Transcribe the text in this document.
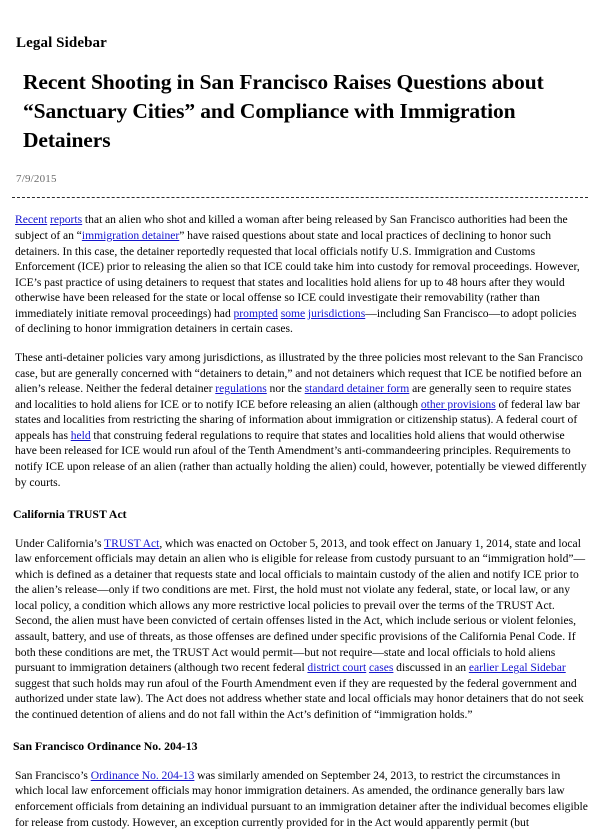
Legal Sidebar
Recent Shooting in San Francisco Raises Questions about “Sanctuary Cities” and Compliance with Immigration Detainers
7/9/2015

Recent reports that an alien who shot and killed a woman after being released by San Francisco authorities had been the subject of an “immigration detainer” have raised questions about state and local practices of declining to honor such detainers. In this case, the detainer reportedly requested that local officials notify U.S. Immigration and Customs Enforcement (ICE) prior to releasing the alien so that ICE could take him into custody for removal proceedings. However, ICE’s past practice of using detainers to request that states and localities hold aliens for up to 48 hours after they would otherwise have been released for the state or local offense so ICE could investigate their removability (rather than immediately initiate removal proceedings) had prompted some jurisdictions—including San Francisco—to adopt policies of declining to honor immigration detainers in certain cases.

These anti-detainer policies vary among jurisdictions, as illustrated by the three policies most relevant to the San Francisco case, but are generally concerned with “detainers to detain,” and not detainers which request that ICE be notified before an alien’s release. Neither the federal detainer regulations nor the standard detainer form are generally seen to require states and localities to hold aliens for ICE or to notify ICE before releasing an alien (although other provisions of federal law bar states and localities from restricting the sharing of information about immigration or citizenship status). A federal court of appeals has held that construing federal regulations to require that states and localities hold aliens that would otherwise have been released for ICE would run afoul of the Tenth Amendment’s anti-commandeering principles. Requirements to notify ICE upon release of an alien (rather than actually holding the alien) could, however, potentially be viewed differently by courts.

California TRUST Act

Under California’s TRUST Act, which was enacted on October 5, 2013, and took effect on January 1, 2014, state and local law enforcement officials may detain an alien who is eligible for release from custody pursuant to an “immigration hold”—which is defined as a detainer that requests state and local officials to maintain custody of the alien and notify ICE prior to the alien’s release—only if two conditions are met. First, the hold must not violate any federal, state, or local law, or any local policy, a condition which allows any more restrictive local policies to prevail over the terms of the TRUST Act. Second, the alien must have been convicted of certain offenses listed in the Act, which include serious or violent felonies, assault, battery, and use of threats, as those offenses are defined under specific provisions of the California Penal Code. If both these conditions are met, the TRUST Act would permit—but not require—state and local officials to hold aliens pursuant to immigration detainers (although two recent federal district court cases discussed in an earlier Legal Sidebar suggest that such holds may run afoul of the Fourth Amendment even if they are requested by the federal government and authorized under state law). The Act does not address whether state and local officials may honor detainers that do not seek the continued detention of aliens and do not fall within the Act’s definition of “immigration holds.”

San Francisco Ordinance No. 204-13

San Francisco’s Ordinance No. 204-13 was similarly amended on September 24, 2013, to restrict the circumstances in which local law enforcement officials may honor immigration detainers. As amended, the ordinance generally bars law enforcement officials from detaining an individual pursuant to an immigration detainer after the individual becomes eligible for release from custody. However, an exception currently provided for in the Act would apparently permit (but
